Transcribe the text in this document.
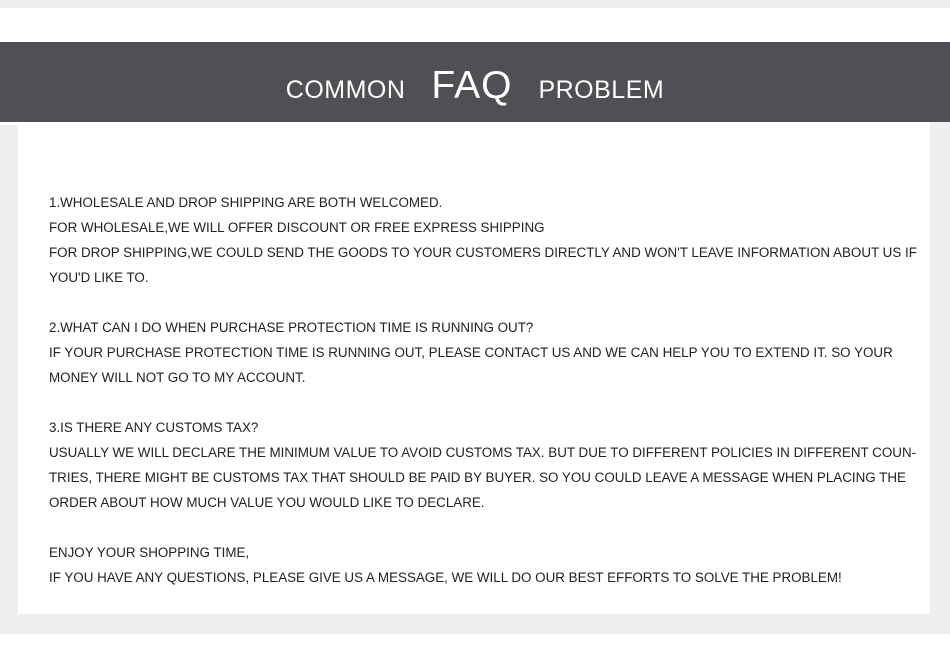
COMMON FAQ PROBLEM
1.WHOLESALE AND DROP SHIPPING ARE BOTH WELCOMED.
FOR WHOLESALE,WE WILL OFFER DISCOUNT OR FREE EXPRESS SHIPPING
FOR DROP SHIPPING,WE COULD SEND THE GOODS TO YOUR CUSTOMERS DIRECTLY AND WON'T LEAVE INFORMATION ABOUT US IF
YOU'D LIKE TO.
2.WHAT CAN I DO WHEN PURCHASE PROTECTION TIME IS RUNNING OUT?
IF YOUR PURCHASE PROTECTION TIME IS RUNNING OUT, PLEASE CONTACT US AND WE CAN HELP YOU TO EXTEND IT. SO YOUR
MONEY WILL NOT GO TO MY ACCOUNT.
3.IS THERE ANY CUSTOMS TAX?
USUALLY WE WILL DECLARE THE MINIMUM VALUE TO AVOID CUSTOMS TAX. BUT DUE TO DIFFERENT POLICIES IN DIFFERENT COUN-
TRIES, THERE MIGHT BE CUSTOMS TAX THAT SHOULD BE PAID BY BUYER. SO YOU COULD LEAVE A MESSAGE WHEN PLACING THE
ORDER ABOUT HOW MUCH VALUE YOU WOULD LIKE TO DECLARE.
ENJOY YOUR SHOPPING TIME,
IF YOU HAVE ANY QUESTIONS, PLEASE GIVE US A MESSAGE, WE WILL DO OUR BEST EFFORTS TO SOLVE THE PROBLEM!
